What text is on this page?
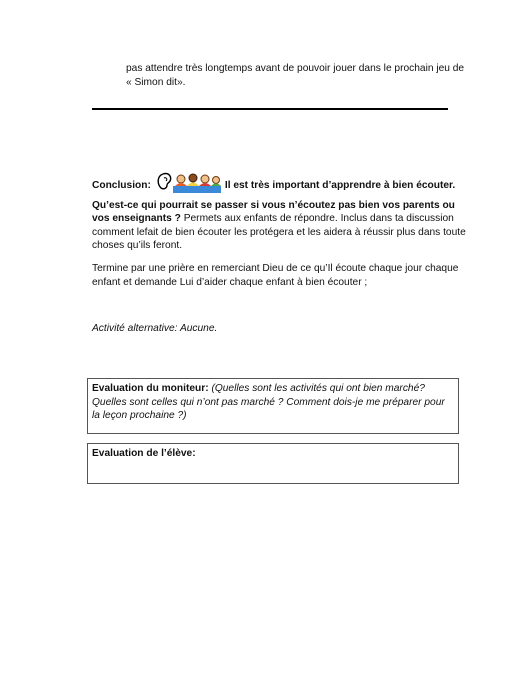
pas attendre très longtemps avant de pouvoir jouer dans le prochain jeu de « Simon dit».
Conclusion:	Il est très important d’apprendre à bien écouter. Qu’est-ce qui pourrait se passer si vous n’écoutez pas bien vos parents ou vos enseignants ? Permets aux enfants de répondre. Inclus dans ta discussion comment lefait de bien écouter les protégera et les aidera à réussir plus dans toute choses qu’ils feront.
Termine par une prière en remerciant Dieu de ce qu’Il écoute chaque jour chaque enfant et demande Lui d’aider chaque enfant à bien écouter ;
Activité alternative: Aucune.
Evaluation du moniteur: (Quelles sont les activités qui ont bien marché? Quelles sont celles qui n’ont pas marché ? Comment dois-je me préparer pour la leçon prochaine ?)
Evaluation de l’élève:
